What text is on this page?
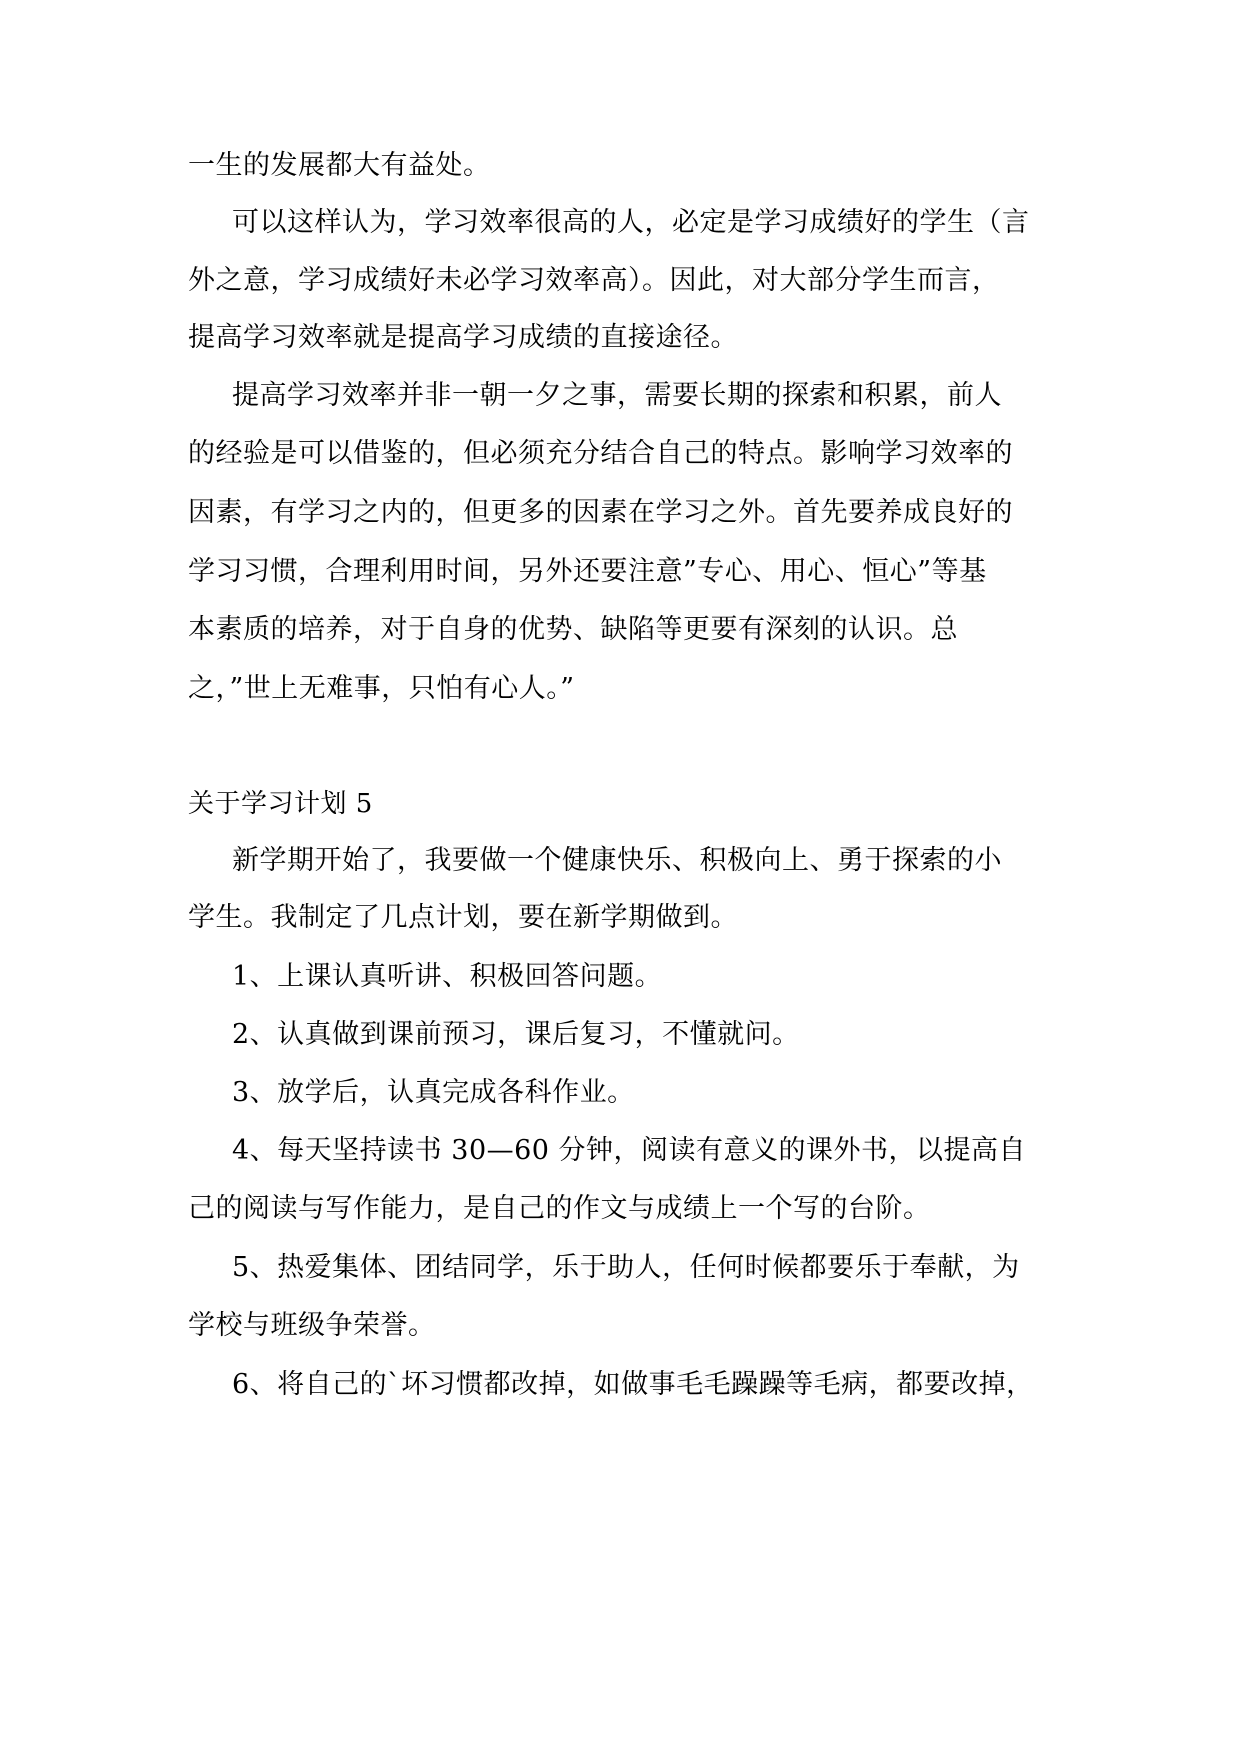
一生的发展都大有益处。
可以这样认为，学习效率很高的人，必定是学习成绩好的学生（言
外之意，学习成绩好未必学习效率高）。因此，对大部分学生而言，
提高学习效率就是提高学习成绩的直接途径。
提高学习效率并非一朝一夕之事，需要长期的探索和积累，前人
的经验是可以借鉴的，但必须充分结合自己的特点。影响学习效率的
因素，有学习之内的，但更多的因素在学习之外。首先要养成良好的
学习习惯，合理利用时间，另外还要注意”专心、用心、恒心”等基
本素质的培养，对于自身的优势、缺陷等更要有深刻的认识。总
之，”世上无难事，只怕有心人。”
关于学习计划 5
新学期开始了，我要做一个健康快乐、积极向上、勇于探索的小
学生。我制定了几点计划，要在新学期做到。
1、上课认真听讲、积极回答问题。
2、认真做到课前预习，课后复习，不懂就问。
3、放学后，认真完成各科作业。
4、每天坚持读书 30—60 分钟，阅读有意义的课外书，以提高自
己的阅读与写作能力，是自己的作文与成绩上一个写的台阶。
5、热爱集体、团结同学，乐于助人，任何时候都要乐于奉献，为
学校与班级争荣誉。
6、将自己的`坏习惯都改掉，如做事毛毛躁躁等毛病，都要改掉，
